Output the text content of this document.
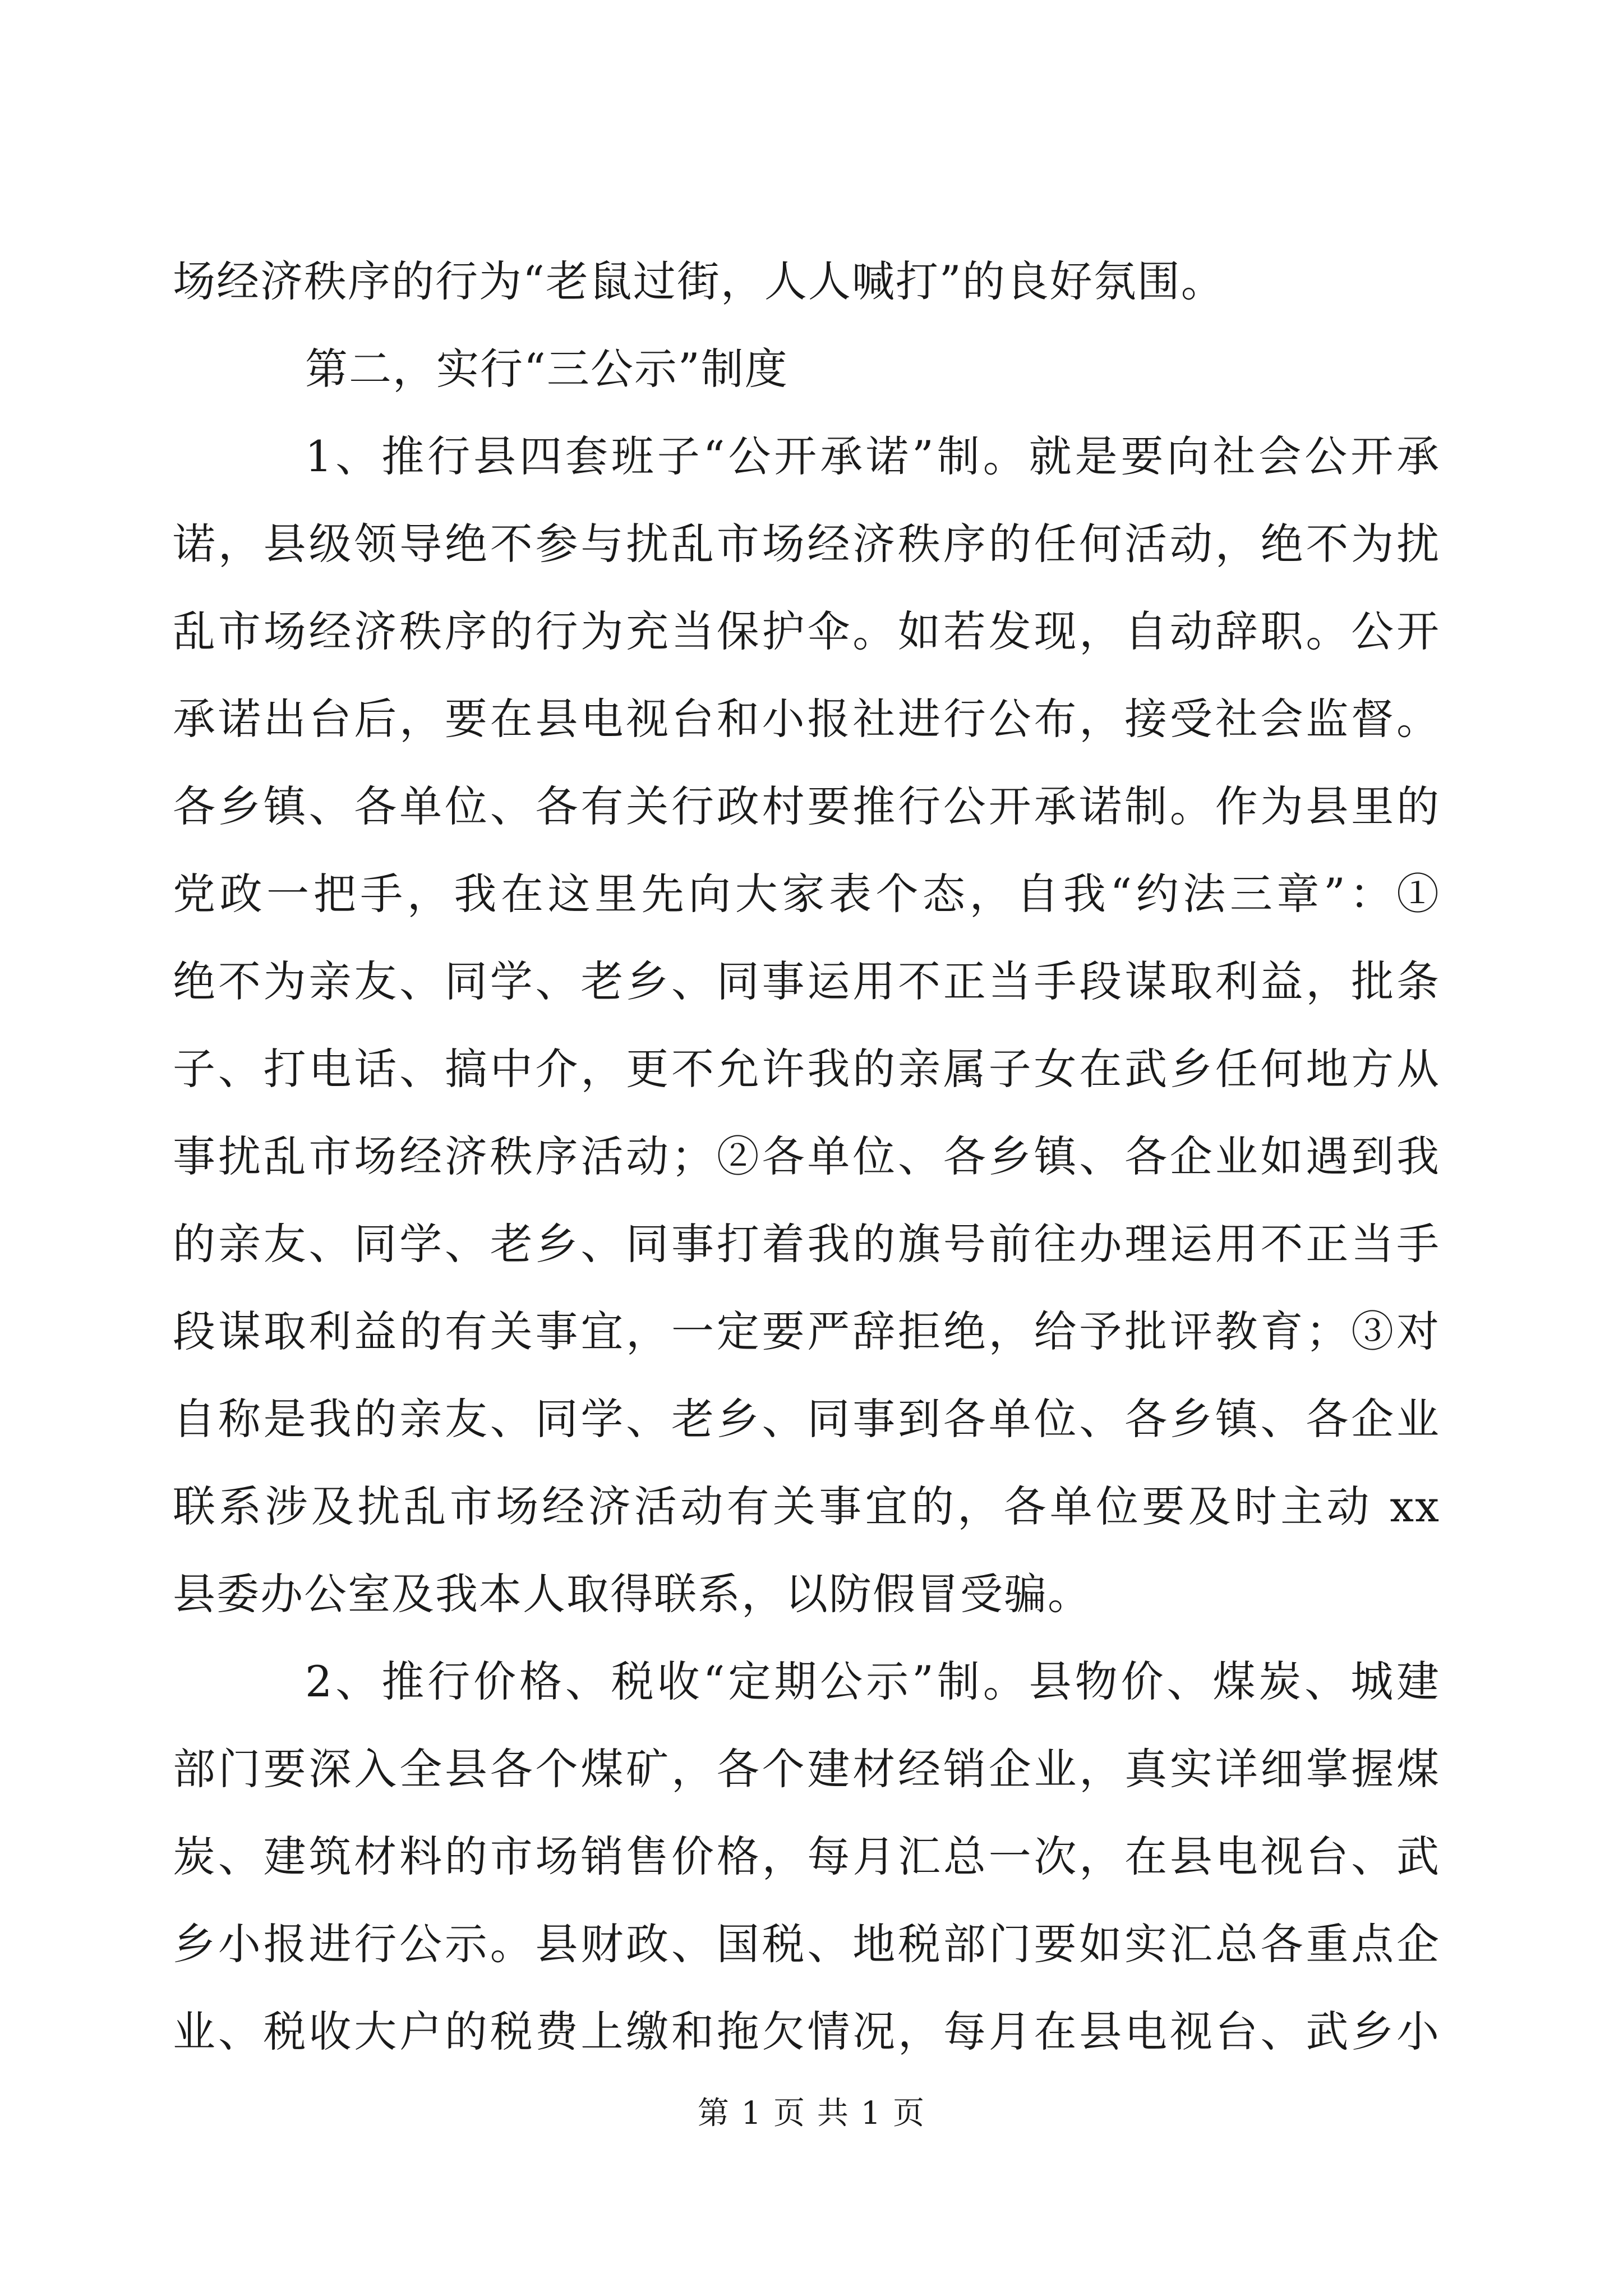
场经济秩序的行为“老鼠过街，人人喊打”的良好氛围。
第二，实行“三公示”制度
1、推行县四套班子“公开承诺”制。就是要向社会公开承
诺，县级领导绝不参与扰乱市场经济秩序的任何活动，绝不为扰
乱市场经济秩序的行为充当保护伞。如若发现，自动辞职。公开
承诺出台后，要在县电视台和小报社进行公布，接受社会监督。
各乡镇、各单位、各有关行政村要推行公开承诺制。作为县里的
党政一把手，我在这里先向大家表个态，自我“约法三章”：①
绝不为亲友、同学、老乡、同事运用不正当手段谋取利益，批条
子、打电话、搞中介，更不允许我的亲属子女在武乡任何地方从
事扰乱市场经济秩序活动；②各单位、各乡镇、各企业如遇到我
的亲友、同学、老乡、同事打着我的旗号前往办理运用不正当手
段谋取利益的有关事宜，一定要严辞拒绝，给予批评教育；③对
自称是我的亲友、同学、老乡、同事到各单位、各乡镇、各企业
联系涉及扰乱市场经济活动有关事宜的，各单位要及时主动 xx
县委办公室及我本人取得联系，以防假冒受骗。
2、推行价格、税收“定期公示”制。县物价、煤炭、城建
部门要深入全县各个煤矿，各个建材经销企业，真实详细掌握煤
炭、建筑材料的市场销售价格，每月汇总一次，在县电视台、武
乡小报进行公示。县财政、国税、地税部门要如实汇总各重点企
业、税收大户的税费上缴和拖欠情况，每月在县电视台、武乡小
第 1 页 共 1 页
